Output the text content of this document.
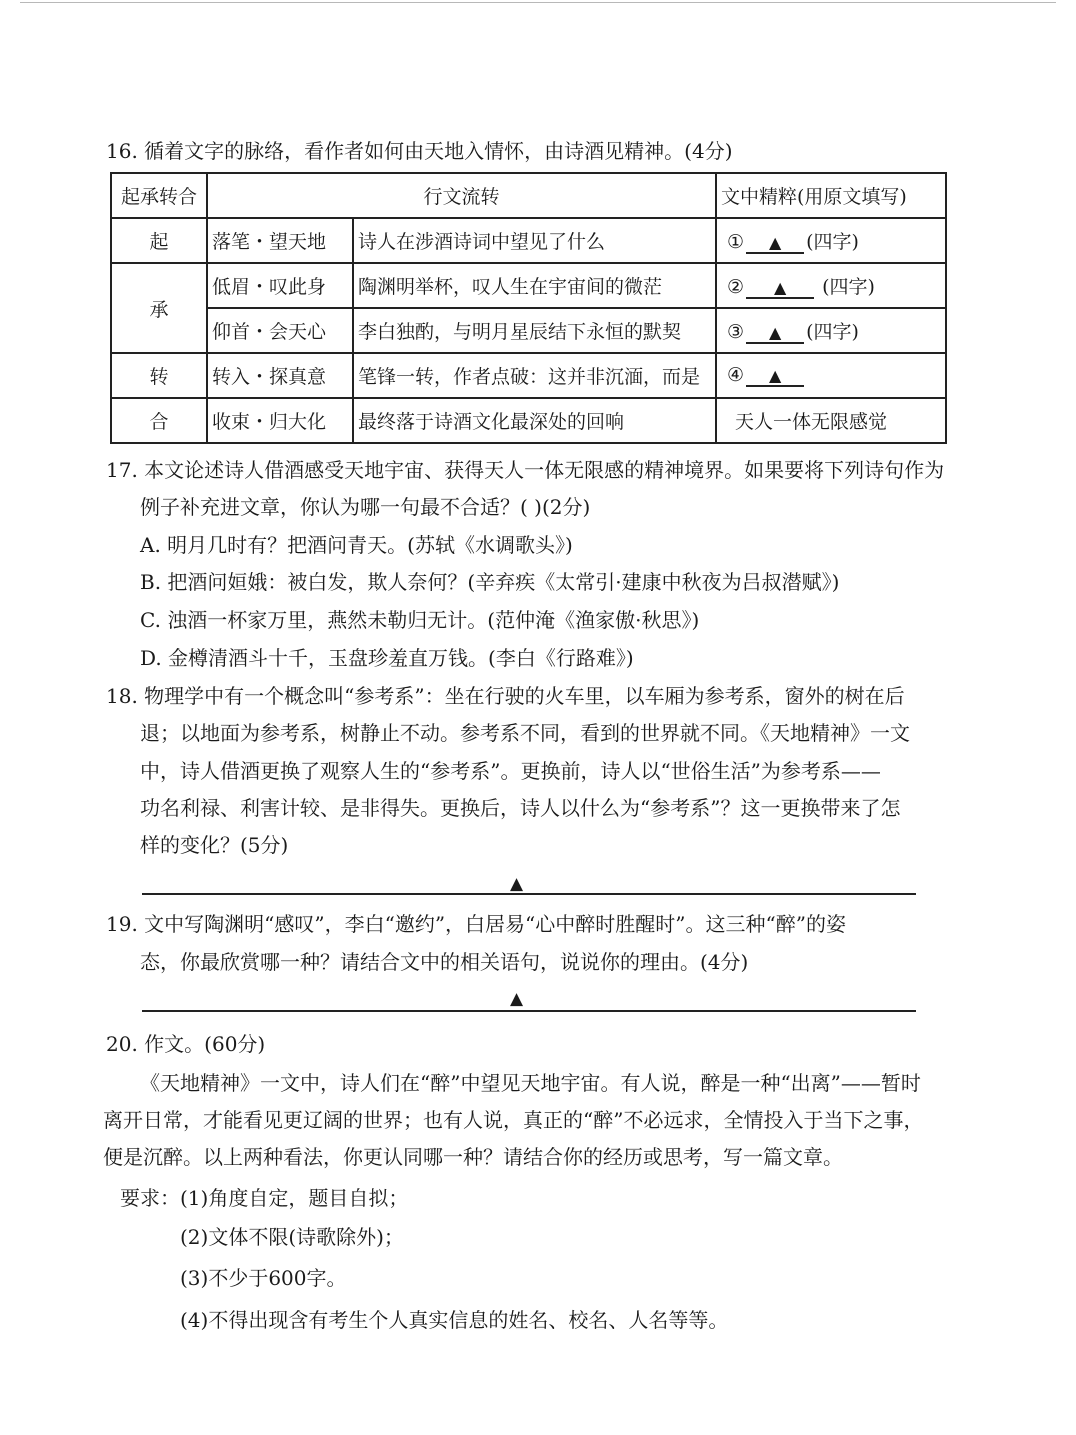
16. 循着文字的脉络，看作者如何由天地入情怀，由诗酒见精神。(4分)
起承转合	行文流转		文中精粹(用原文填写)
起	落笔・望天地	诗人在涉酒诗词中望见了什么	① ▲ (四字)
承	低眉・叹此身	陶渊明举杯，叹人生在宇宙间的微茫	② ▲ (四字)
	仰首・会天心	李白独酌，与明月星辰结下永恒的默契	③ ▲ (四字)
转	转入・探真意	笔锋一转，作者点破：这并非沉湎，而是	④ ▲
合	收束・归大化	最终落于诗酒文化最深处的回响	天人一体无限感觉
17. 本文论述诗人借酒感受天地宇宙、获得天人一体无限感的精神境界。如果要将下列诗句作为
例子补充进文章，你认为哪一句最不合适？( )(2分)
A. 明月几时有？把酒问青天。(苏轼《水调歌头》)
B. 把酒问姮娥：被白发，欺人奈何？(辛弃疾《太常引·建康中秋夜为吕叔潜赋》)
C. 浊酒一杯家万里，燕然未勒归无计。(范仲淹《渔家傲·秋思》)
D. 金樽清酒斗十千，玉盘珍羞直万钱。(李白《行路难》)
18. 物理学中有一个概念叫“参考系”：坐在行驶的火车里，以车厢为参考系，窗外的树在后
退；以地面为参考系，树静止不动。参考系不同，看到的世界就不同。《天地精神》一文
中，诗人借酒更换了观察人生的“参考系”。更换前，诗人以“世俗生活”为参考系——
功名利禄、利害计较、是非得失。更换后，诗人以什么为“参考系”？这一更换带来了怎
样的变化？(5分)
▲
19. 文中写陶渊明“感叹”，李白“邀约”，白居易“心中醉时胜醒时”。这三种“醉”的姿
态，你最欣赏哪一种？请结合文中的相关语句，说说你的理由。(4分)
▲
20. 作文。(60分)
《天地精神》一文中，诗人们在“醉”中望见天地宇宙。有人说，醉是一种“出离”——暂时
离开日常，才能看见更辽阔的世界；也有人说，真正的“醉”不必远求，全情投入于当下之事，
便是沉醉。以上两种看法，你更认同哪一种？请结合你的经历或思考，写一篇文章。
要求：(1)角度自定，题目自拟；
(2)文体不限(诗歌除外)；
(3)不少于600字。
(4)不得出现含有考生个人真实信息的姓名、校名、人名等等。
